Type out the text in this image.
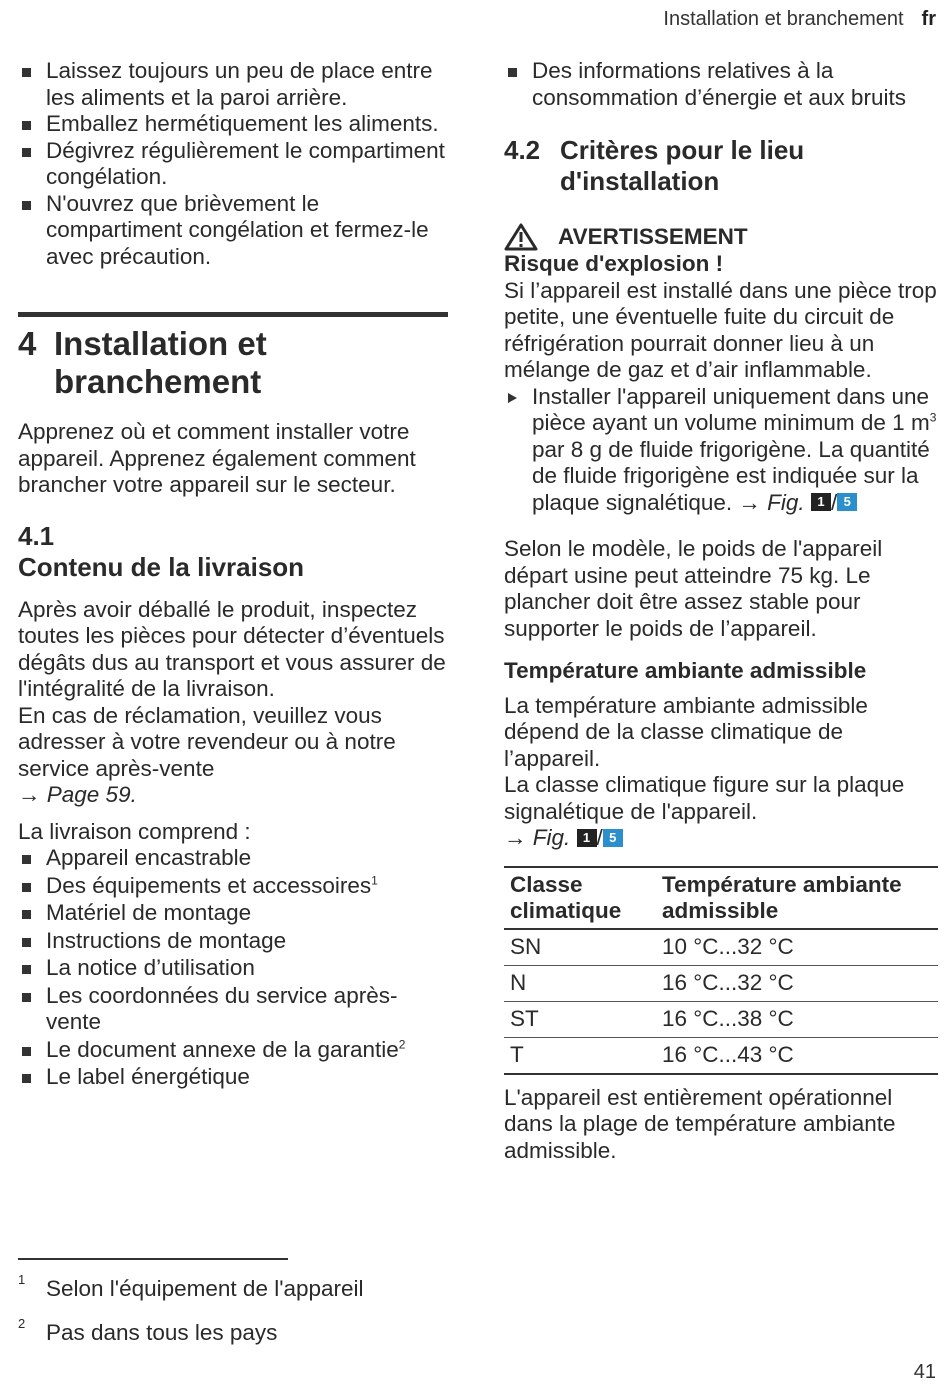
Installation et branchement fr
Laissez toujours un peu de place entre les aliments et la paroi arrière.
Emballez hermétiquement les aliments.
Dégivrez régulièrement le compartiment congélation.
N'ouvrez que brièvement le compartiment congélation et fermez-le avec précaution.
4 Installation et branchement

Apprenez où et comment installer votre appareil. Apprenez également comment brancher votre appareil sur le secteur.

4.1Contenu de la livraison

Après avoir déballé le produit, inspectez toutes les pièces pour détecter d’éventuels dégâts dus au transport et vous assurer de l'intégralité de la livraison.

En cas de réclamation, veuillez vous adresser à votre revendeur ou à notre service après-vente

→ Page 59.

La livraison comprend :

Appareil encastrable
Des équipements et accessoires$^1$
Matériel de montage
Instructions de montage
La notice d’utilisation
Les coordonnées du service après-vente
Le document annexe de la garantie$^2$
Le label énergétique
Des informations relatives à la consommation d’énergie et aux bruits
4.2 Critères pour le lieu d'installation
AVERTISSEMENT

Risque d'explosion !

Si l’appareil est installé dans une pièce trop petite, une éventuelle fuite du circuit de réfrigération pourrait donner lieu à un mélange de gaz et d’air inflammable.

Installer l'appareil uniquement dans une pièce ayant un volume minimum de 1 $m^3$ par 8 g de fluide frigorigène. La quantité de fluide frigorigène est indiquée sur la plaque signalétique. → Fig. 1 / 5

Selon le modèle, le poids de l'appareil départ usine peut atteindre 75 kg. Le plancher doit être assez stable pour supporter le poids de l’appareil.

Température ambiante admissible

La température ambiante admissible dépend de la classe climatique de l’appareil.

La classe climatique figure sur la plaque signalétique de l'appareil.

→ Fig. 1 / 5
Classe climatique	Température ambiante admissible
SN	10 °C...32 °C
N	16 °C...32 °C
ST	16 °C...38 °C
T	16 °C...43 °C

L'appareil est entièrement opérationnel dans la plage de température ambiante admissible.

1 Selon l'équipement de l'appareil
2 Pas dans tous les pays
41
